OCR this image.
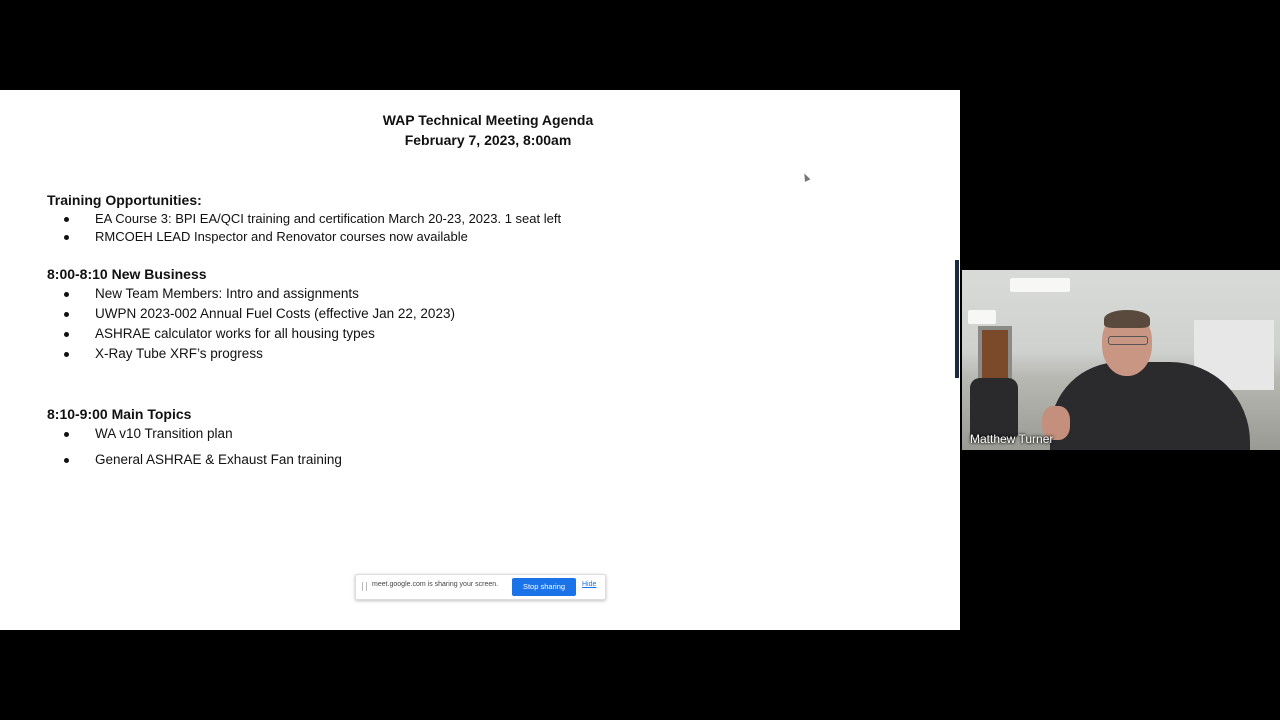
WAP Technical Meeting Agenda
February 7, 2023, 8:00am
Training Opportunities:
EA Course 3: BPI EA/QCI training and certification March 20-23, 2023. 1 seat left
RMCOEH LEAD Inspector and Renovator courses now available
8:00-8:10 New Business
New Team Members: Intro and assignments
UWPN 2023-002 Annual Fuel Costs (effective Jan 22, 2023)
ASHRAE calculator works for all housing types
X-Ray Tube XRF’s progress
8:10-9:00 Main Topics
WA v10 Transition plan
General ASHRAE & Exhaust Fan training
meet.google.com is sharing your screen.	Stop sharing	Hide
Matthew Turner
